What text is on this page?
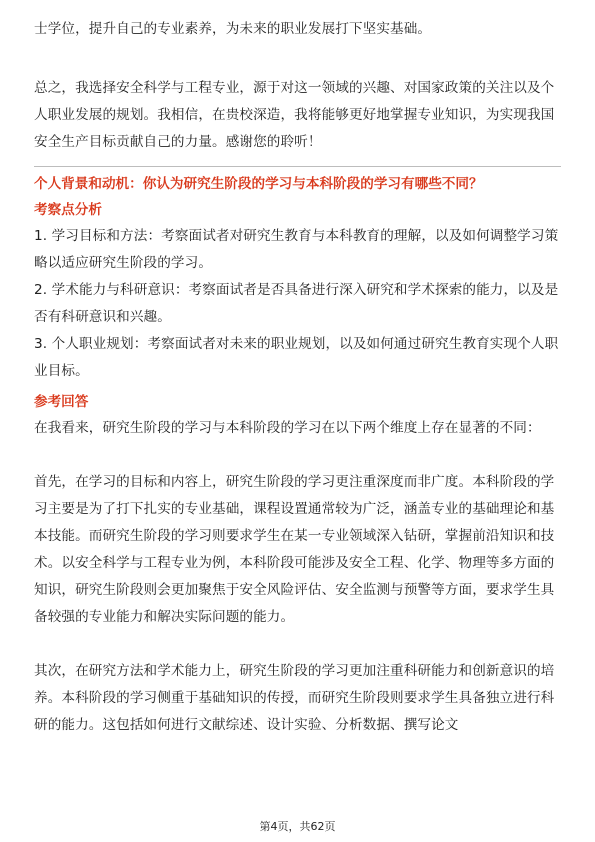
士学位，提升自己的专业素养，为未来的职业发展打下坚实基础。

总之，我选择安全科学与工程专业，源于对这一领域的兴趣、对国家政策的关注以及个人职业发展的规划。我相信，在贵校深造，我将能够更好地掌握专业知识，为实现我国安全生产目标贡献自己的力量。感谢您的聆听！

个人背景和动机：你认为研究生阶段的学习与本科阶段的学习有哪些不同？

考察点分析

1. 学习目标和方法：考察面试者对研究生教育与本科教育的理解，以及如何调整学习策略以适应研究生阶段的学习。

2. 学术能力与科研意识：考察面试者是否具备进行深入研究和学术探索的能力，以及是否有科研意识和兴趣。

3. 个人职业规划：考察面试者对未来的职业规划，以及如何通过研究生教育实现个人职业目标。

参考回答

在我看来，研究生阶段的学习与本科阶段的学习在以下两个维度上存在显著的不同：

首先，在学习的目标和内容上，研究生阶段的学习更注重深度而非广度。本科阶段的学习主要是为了打下扎实的专业基础，课程设置通常较为广泛，涵盖专业的基础理论和基本技能。而研究生阶段的学习则要求学生在某一专业领域深入钻研，掌握前沿知识和技术。以安全科学与工程专业为例，本科阶段可能涉及安全工程、化学、物理等多方面的知识，研究生阶段则会更加聚焦于安全风险评估、安全监测与预警等方面，要求学生具备较强的专业能力和解决实际问题的能力。

其次，在研究方法和学术能力上，研究生阶段的学习更加注重科研能力和创新意识的培养。本科阶段的学习侧重于基础知识的传授，而研究生阶段则要求学生具备独立进行科研的能力。这包括如何进行文献综述、设计实验、分析数据、撰写论文

第4页，共62页
